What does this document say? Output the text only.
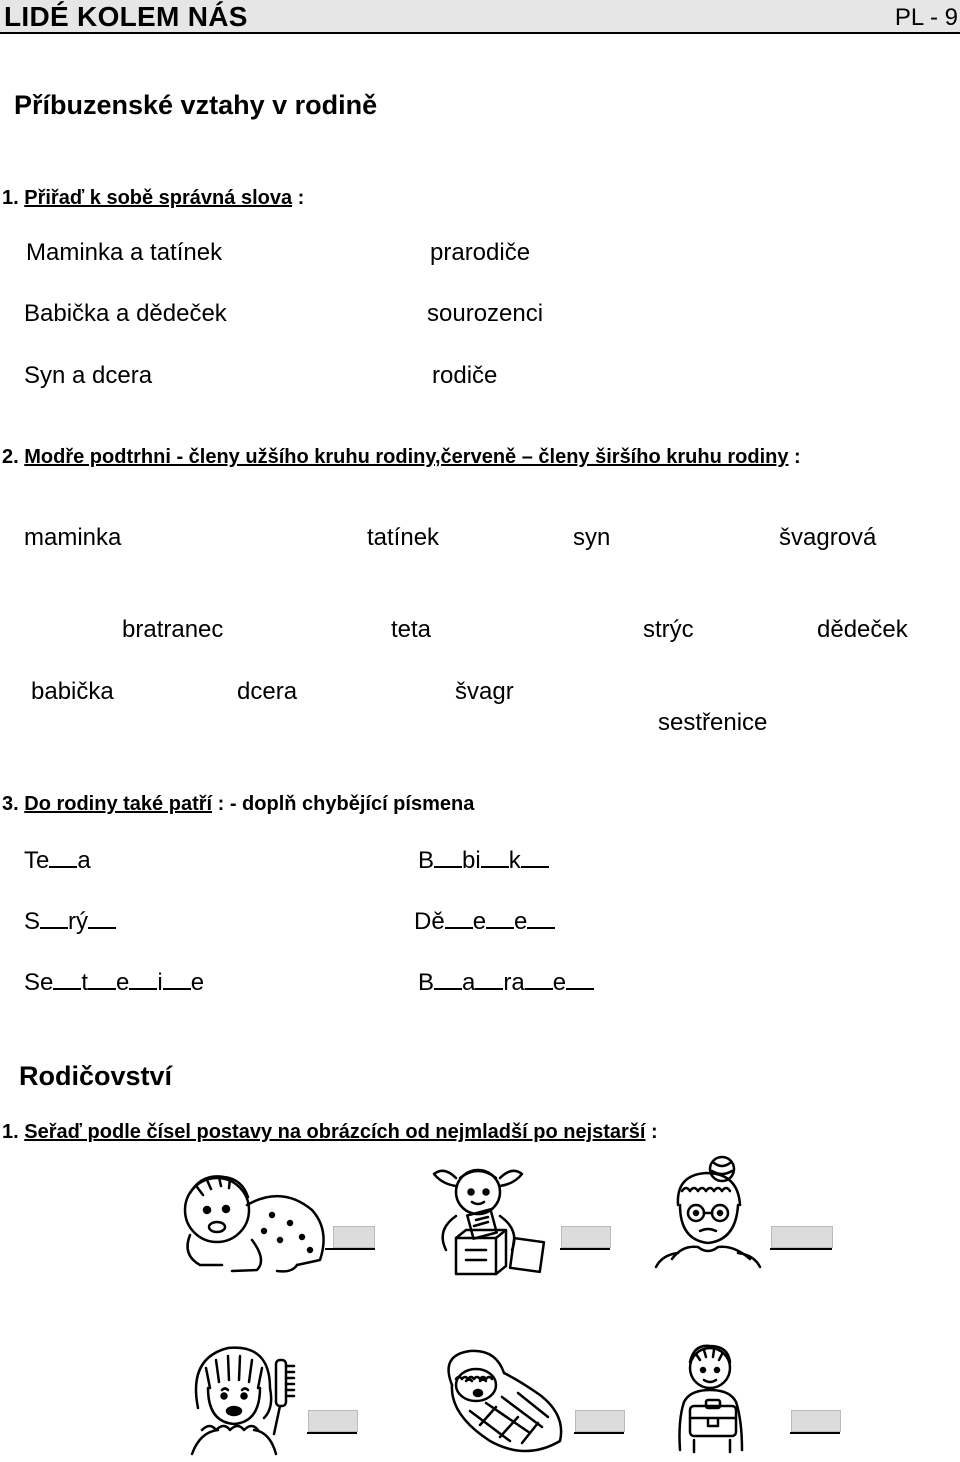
LIDÉ KOLEM NÁS	PL - 9
Příbuzenské vztahy v rodině
1. Přiřaď k sobě správná slova :
Maminka a tatínek
Babička a dědeček
Syn a dcera
prarodiče
sourozenci
rodiče
2. Modře podtrhni - členy užšího kruhu rodiny,červeně – členy širšího kruhu rodiny :
maminka	tatínek	syn	švagrová
bratranec	teta	strýc	dědeček
babička	dcera	švagr
sestřenice
3. Do rodiny také patří : - doplň chybějící písmena
Te a
S rý
Se t e i e
B bi k
Dě e e
B a ra e
Rodičovství
1. Seřaď podle čísel postavy na obrázcích od nejmladší po nejstarší :
